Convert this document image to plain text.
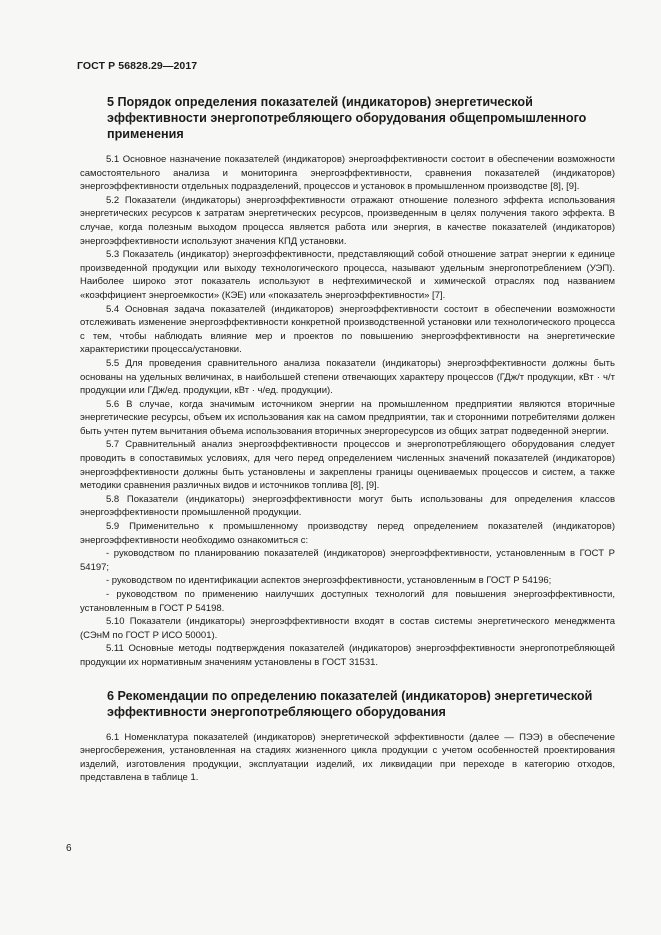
ГОСТ Р 56828.29—2017
5 Порядок определения показателей (индикаторов) энергетической эффективности энергопотребляющего оборудования общепромышленного применения

5.1 Основное назначение показателей (индикаторов) энергоэффективности состоит в обеспечении возможности самостоятельного анализа и мониторинга энергоэффективности, сравнения показателей (индикаторов) энергоэффективности отдельных подразделений, процессов и установок в промышленном производстве [8], [9].

5.2 Показатели (индикаторы) энергоэффективности отражают отношение полезного эффекта использования энергетических ресурсов к затратам энергетических ресурсов, произведенным в целях получения такого эффекта. В случае, когда полезным выходом процесса является работа или энергия, в качестве показателей (индикаторов) энергоэффективности используют значения КПД установки.

5.3 Показатель (индикатор) энергоэффективности, представляющий собой отношение затрат энергии к единице произведенной продукции или выходу технологического процесса, называют удельным энергопотреблением (УЭП). Наиболее широко этот показатель используют в нефтехимической и химической отраслях под названием «коэффициент энергоемкости» (КЭЕ) или «показатель энергоэффективности» [7].

5.4 Основная задача показателей (индикаторов) энергоэффективности состоит в обеспечении возможности отслеживать изменение энергоэффективности конкретной производственной установки или технологического процесса с тем, чтобы наблюдать влияние мер и проектов по повышению энергоэффективности на энергетические характеристики процесса/установки.

5.5 Для проведения сравнительного анализа показатели (индикаторы) энергоэффективности должны быть основаны на удельных величинах, в наибольшей степени отвечающих характеру процессов (ГДж/т продукции, кВт · ч/т продукции или ГДж/ед. продукции, кВт · ч/ед. продукции).

5.6 В случае, когда значимым источником энергии на промышленном предприятии являются вторичные энергетические ресурсы, объем их использования как на самом предприятии, так и сторонними потребителями должен быть учтен путем вычитания объема использования вторичных энергоресурсов из общих затрат подведенной энергии.

5.7 Сравнительный анализ энергоэффективности процессов и энергопотребляющего оборудования следует проводить в сопоставимых условиях, для чего перед определением численных значений показателей (индикаторов) энергоэффективности должны быть установлены и закреплены границы оцениваемых процессов и систем, а также методики сравнения различных видов и источников топлива [8], [9].

5.8 Показатели (индикаторы) энергоэффективности могут быть использованы для определения классов энергоэффективности промышленной продукции.

5.9 Применительно к промышленному производству перед определением показателей (индикаторов) энергоэффективности необходимо ознакомиться с:

- руководством по планированию показателей (индикаторов) энергоэффективности, установленным в ГОСТ Р 54197;

- руководством по идентификации аспектов энергоэффективности, установленным в ГОСТ Р 54196;

- руководством по применению наилучших доступных технологий для повышения энергоэффективности, установленным в ГОСТ Р 54198.

5.10 Показатели (индикаторы) энергоэффективности входят в состав системы энергетического менеджмента (СЭнМ по ГОСТ Р ИСО 50001).

5.11 Основные методы подтверждения показателей (индикаторов) энергоэффективности энергопотребляющей продукции их нормативным значениям установлены в ГОСТ 31531.

6 Рекомендации по определению показателей (индикаторов) энергетической эффективности энергопотребляющего оборудования

6.1 Номенклатура показателей (индикаторов) энергетической эффективности (далее — ПЭЭ) в обеспечение энергосбережения, установленная на стадиях жизненного цикла продукции с учетом особенностей проектирования изделий, изготовления продукции, эксплуатации изделий, их ликвидации при переходе в категорию отходов, представлена в таблице 1.

6
